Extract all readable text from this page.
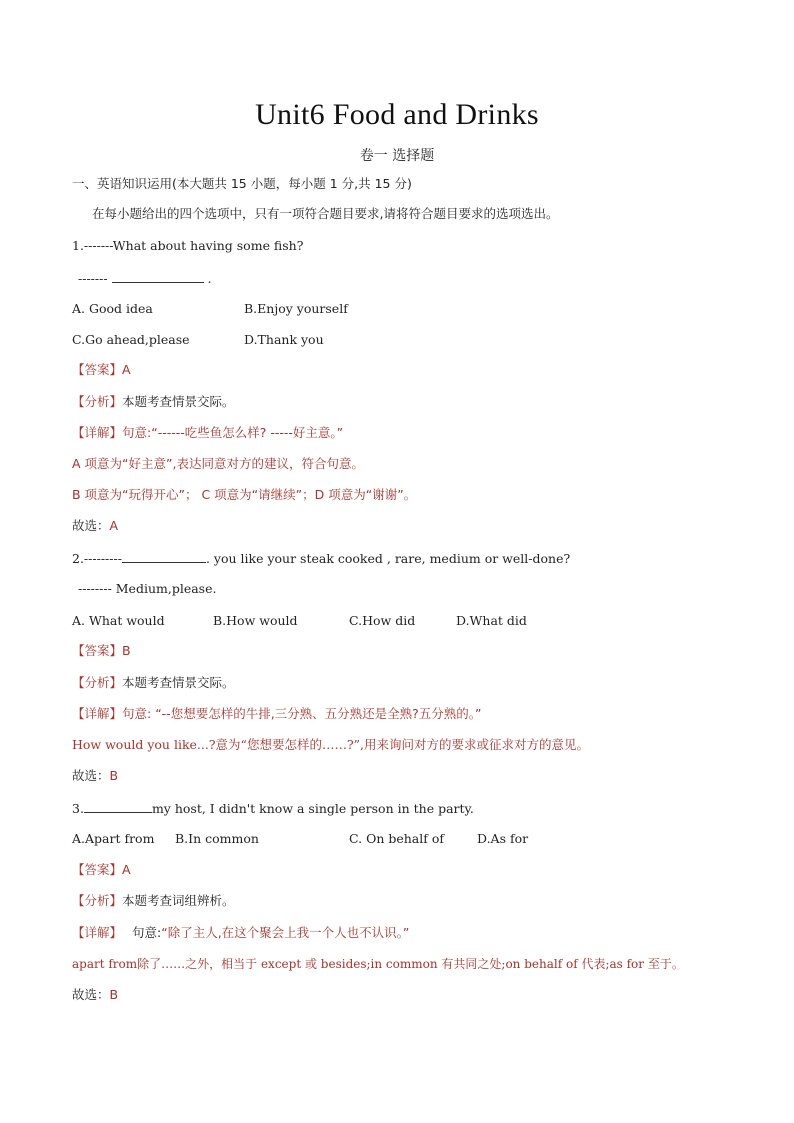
Unit6 Food and Drinks
卷一 选择题
一、英语知识运用(本大题共 15 小题，每小题 1 分,共 15 分)
在每小题给出的四个选项中，只有一项符合题目要求,请将符合题目要求的选项选出。
1.-------What about having some fish?
-------	.
A. Good idea	B.Enjoy yourself
C.Go ahead,please	D.Thank you
【答案】A
【分析】本题考查情景交际。
【详解】句意:“------吃些鱼怎么样? -----好主意。”
A 项意为“好主意”,表达同意对方的建议，符合句意。
B 项意为“玩得开心”； C 项意为“请继续”；D 项意为“谢谢”。
故选：A
2.---------	. you like your steak cooked , rare, medium or well-done?
-------- Medium,please.
A. What would	B.How would	C.How did	D.What did
【答案】B
【分析】本题考查情景交际。
【详解】句意: “--您想要怎样的牛排,三分熟、五分熟还是全熟?五分熟的。”
How would you like...?意为“您想要怎样的……?”,用来询问对方的要求或征求对方的意见。
故选：B
3.	my host, I didn't know a single person in the party.
A.Apart from B.In common	C. On behalf of	D.As for
【答案】A
【分析】本题考查词组辨析。
【详解】 句意:“除了主人,在这个聚会上我一个人也不认识。”
apart from除了……之外，相当于 except 或 besides;in common 有共同之处;on behalf of 代表;as for 至于。
故选：B
